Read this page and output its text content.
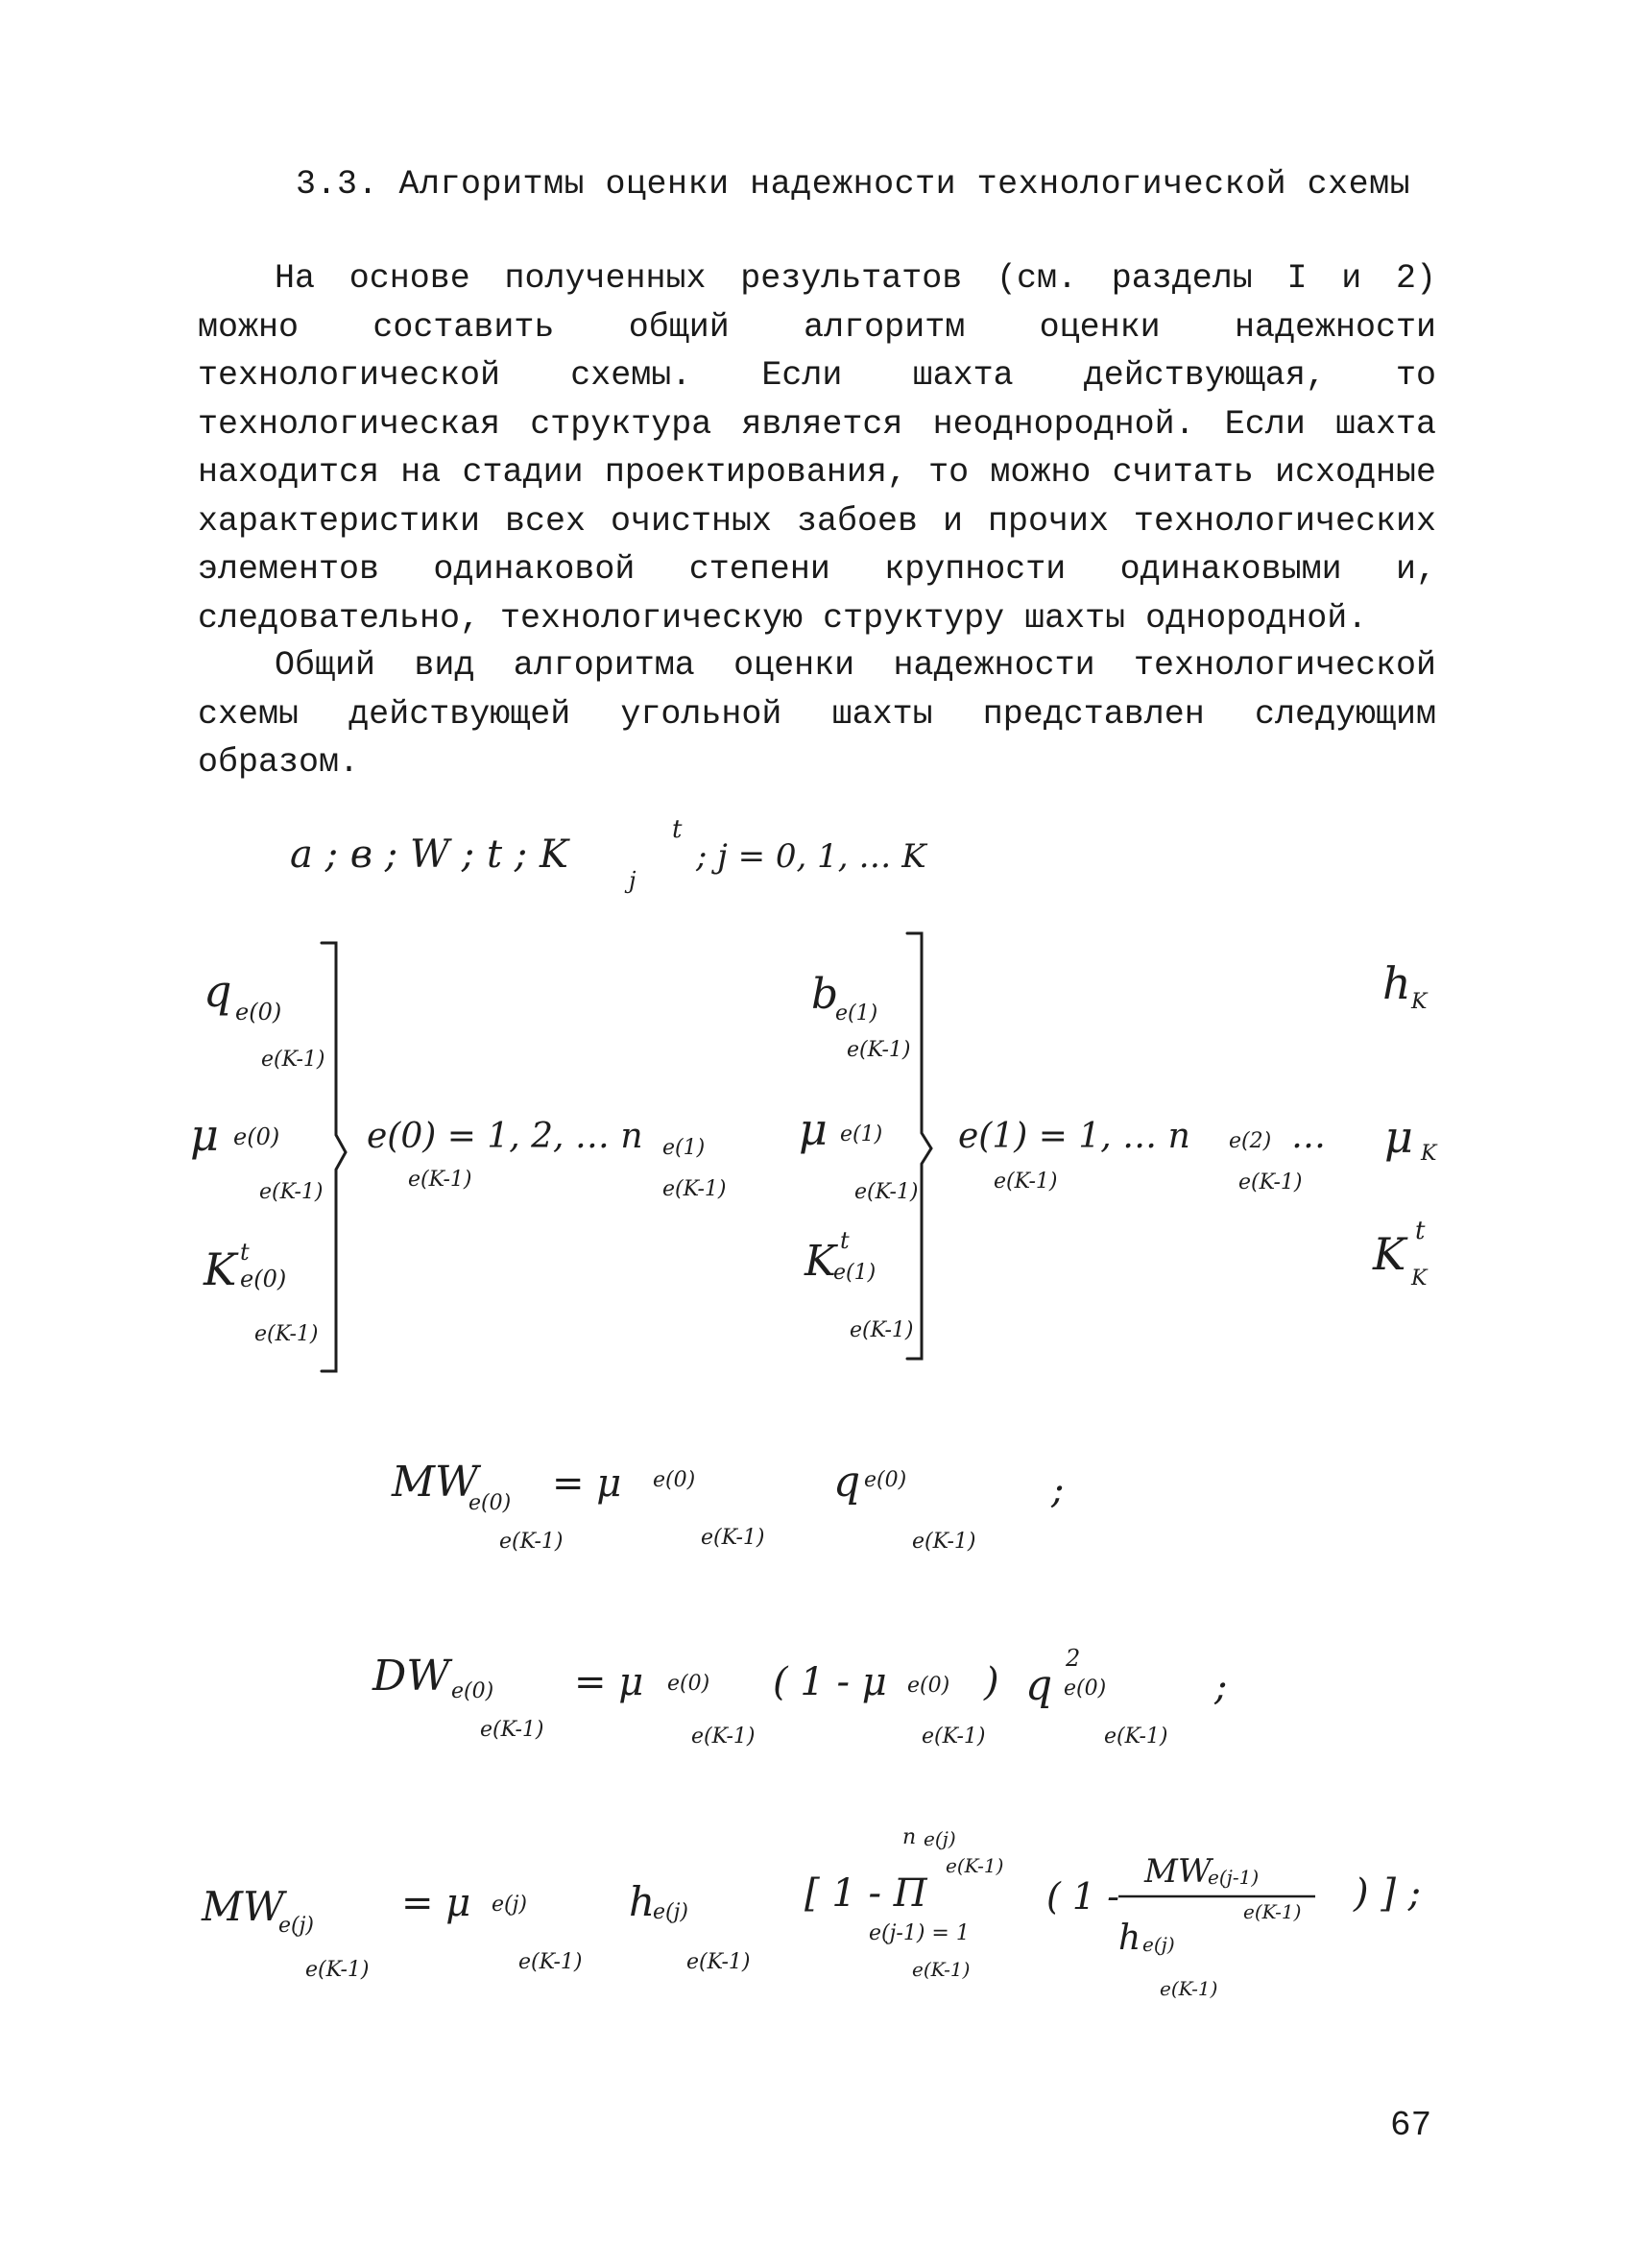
3.3. Алгоритмы оценки надежности технологической схемы

На основе полученных результатов (см. разделы I и 2) можно составить общий алгоритм оценки надежности технологической схемы. Если шахта действующая, то технологическая структура является неоднородной. Если шахта находится на стадии проектирования, то можно считать исходные характеристики всех очистных забоев и прочих технологических элементов одинаковой степени крупности одинаковыми и, следовательно, технологическую структуру шахты однородной.

Общий вид алгоритма оценки надежности технологической схемы действующей угольной шахты представлен следующим образом.

a ; в ; W ; t ; K
t
j
; j = 0, 1, … K
q e(0)
e(K-1)
μ e(0)
e(K-1)
K t
e(0)
e(K-1)
e(0) = 1, 2, … n
e(K-1)
e(1)
e(K-1)
b
e(1)
e(K-1)
μ e(1)
e(K-1)
K t
e(1)
e(K-1)
e(1) = 1, … n
e(K-1)
e(2)
e(K-1)
…
h K
μ K
K t
K
MW
e(0)
e(K-1)
= μ e(0)
e(K-1)
q e(0)
e(K-1)
;
DW e(0)
e(K-1)
= μ e(0)
e(K-1)
( 1 - μ e(0)
e(K-1)
) q
2
e(0)
e(K-1)
;
MW
e(j)
e(K-1)
= μ e(j)
e(K-1)
h
e(j)
e(K-1)
[ 1 - Π
n e(j)
e(K-1)
e(j-1) = 1
e(K-1)
( 1 -
MW
e(j-1)
e(K-1)
h e(j)
e(K-1)
) ] ;
67
